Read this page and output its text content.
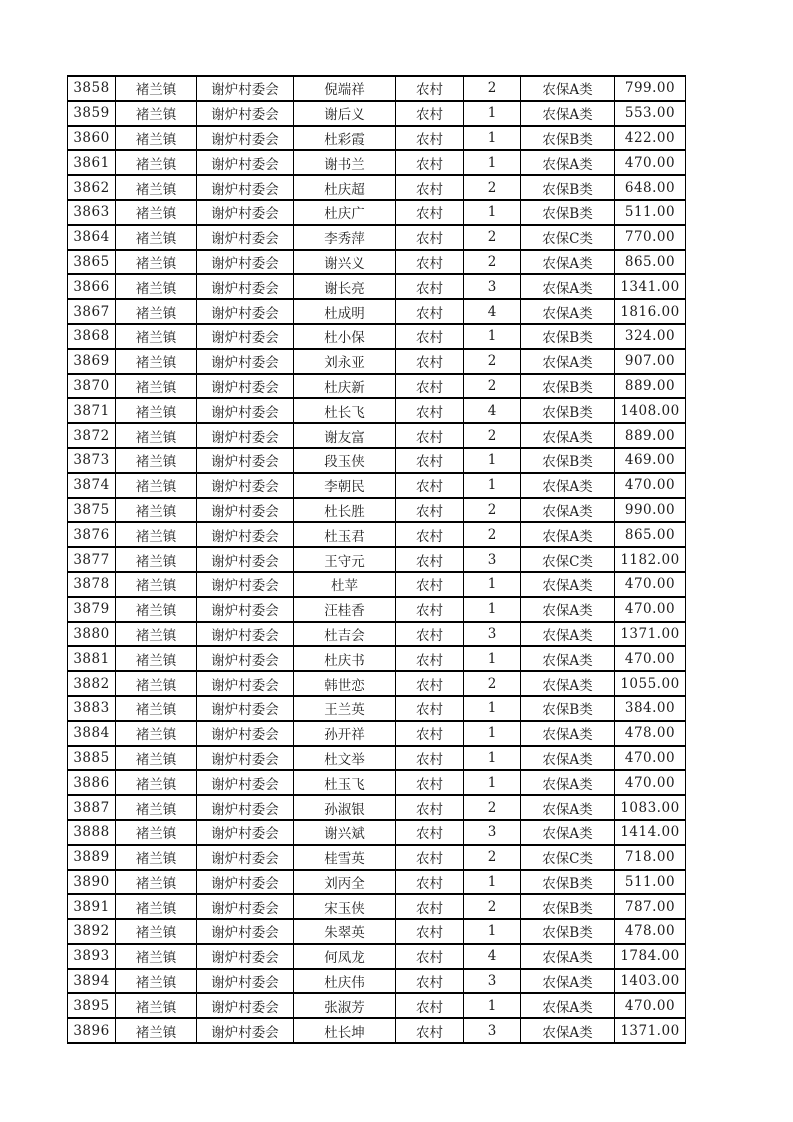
3858	褚兰镇	谢炉村委会	倪端祥	农村	2	农保A类	799.00
3859	褚兰镇	谢炉村委会	谢后义	农村	1	农保A类	553.00
3860	褚兰镇	谢炉村委会	杜彩霞	农村	1	农保B类	422.00
3861	褚兰镇	谢炉村委会	谢书兰	农村	1	农保A类	470.00
3862	褚兰镇	谢炉村委会	杜庆超	农村	2	农保B类	648.00
3863	褚兰镇	谢炉村委会	杜庆广	农村	1	农保B类	511.00
3864	褚兰镇	谢炉村委会	李秀萍	农村	2	农保C类	770.00
3865	褚兰镇	谢炉村委会	谢兴义	农村	2	农保A类	865.00
3866	褚兰镇	谢炉村委会	谢长亮	农村	3	农保A类	1341.00
3867	褚兰镇	谢炉村委会	杜成明	农村	4	农保A类	1816.00
3868	褚兰镇	谢炉村委会	杜小保	农村	1	农保B类	324.00
3869	褚兰镇	谢炉村委会	刘永亚	农村	2	农保A类	907.00
3870	褚兰镇	谢炉村委会	杜庆新	农村	2	农保B类	889.00
3871	褚兰镇	谢炉村委会	杜长飞	农村	4	农保B类	1408.00
3872	褚兰镇	谢炉村委会	谢友富	农村	2	农保A类	889.00
3873	褚兰镇	谢炉村委会	段玉侠	农村	1	农保B类	469.00
3874	褚兰镇	谢炉村委会	李朝民	农村	1	农保A类	470.00
3875	褚兰镇	谢炉村委会	杜长胜	农村	2	农保A类	990.00
3876	褚兰镇	谢炉村委会	杜玉君	农村	2	农保A类	865.00
3877	褚兰镇	谢炉村委会	王守元	农村	3	农保C类	1182.00
3878	褚兰镇	谢炉村委会	杜苹	农村	1	农保A类	470.00
3879	褚兰镇	谢炉村委会	汪桂香	农村	1	农保A类	470.00
3880	褚兰镇	谢炉村委会	杜吉会	农村	3	农保A类	1371.00
3881	褚兰镇	谢炉村委会	杜庆书	农村	1	农保A类	470.00
3882	褚兰镇	谢炉村委会	韩世恋	农村	2	农保A类	1055.00
3883	褚兰镇	谢炉村委会	王兰英	农村	1	农保B类	384.00
3884	褚兰镇	谢炉村委会	孙开祥	农村	1	农保A类	478.00
3885	褚兰镇	谢炉村委会	杜文举	农村	1	农保A类	470.00
3886	褚兰镇	谢炉村委会	杜玉飞	农村	1	农保A类	470.00
3887	褚兰镇	谢炉村委会	孙淑银	农村	2	农保A类	1083.00
3888	褚兰镇	谢炉村委会	谢兴斌	农村	3	农保A类	1414.00
3889	褚兰镇	谢炉村委会	桂雪英	农村	2	农保C类	718.00
3890	褚兰镇	谢炉村委会	刘丙全	农村	1	农保B类	511.00
3891	褚兰镇	谢炉村委会	宋玉侠	农村	2	农保B类	787.00
3892	褚兰镇	谢炉村委会	朱翠英	农村	1	农保B类	478.00
3893	褚兰镇	谢炉村委会	何凤龙	农村	4	农保A类	1784.00
3894	褚兰镇	谢炉村委会	杜庆伟	农村	3	农保A类	1403.00
3895	褚兰镇	谢炉村委会	张淑芳	农村	1	农保A类	470.00
3896	褚兰镇	谢炉村委会	杜长坤	农村	3	农保A类	1371.00
